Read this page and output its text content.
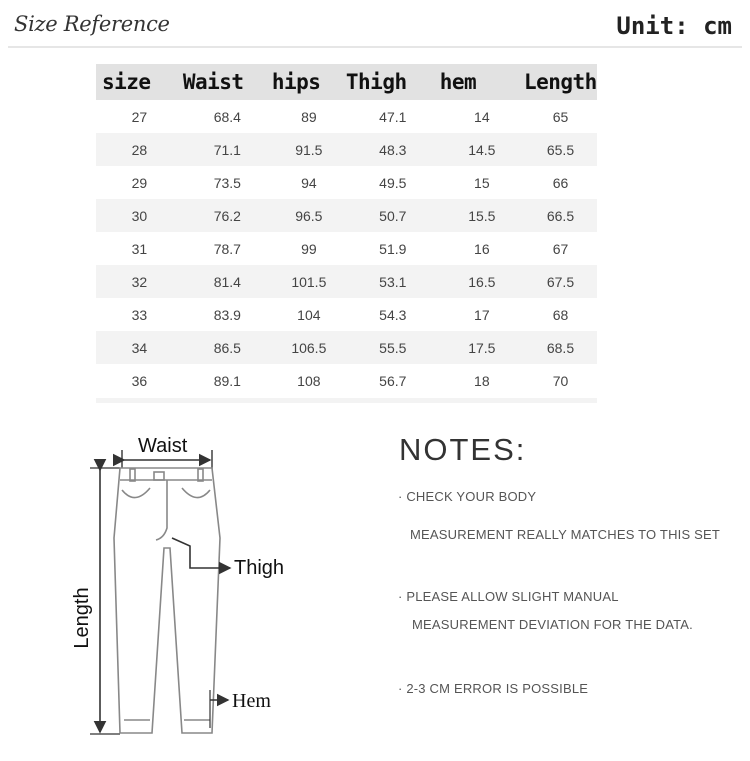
Size Reference	Unit: cm
size	Waist	hips	Thigh	hem	Length
27	68.4	89	47.1	14	65
28	71.1	91.5	48.3	14.5	65.5
29	73.5	94	49.5	15	66
30	76.2	96.5	50.7	15.5	66.5
31	78.7	99	51.9	16	67
32	81.4	101.5	53.1	16.5	67.5
33	83.9	104	54.3	17	68
34	86.5	106.5	55.5	17.5	68.5
36	89.1	108	56.7	18	70
Waist
Thigh
Hem
Length
NOTES:
· CHECK YOUR BODY
MEASUREMENT REALLY MATCHES TO THIS SET
· PLEASE ALLOW SLIGHT MANUAL
MEASUREMENT DEVIATION FOR THE DATA.
· 2-3 CM ERROR IS POSSIBLE
